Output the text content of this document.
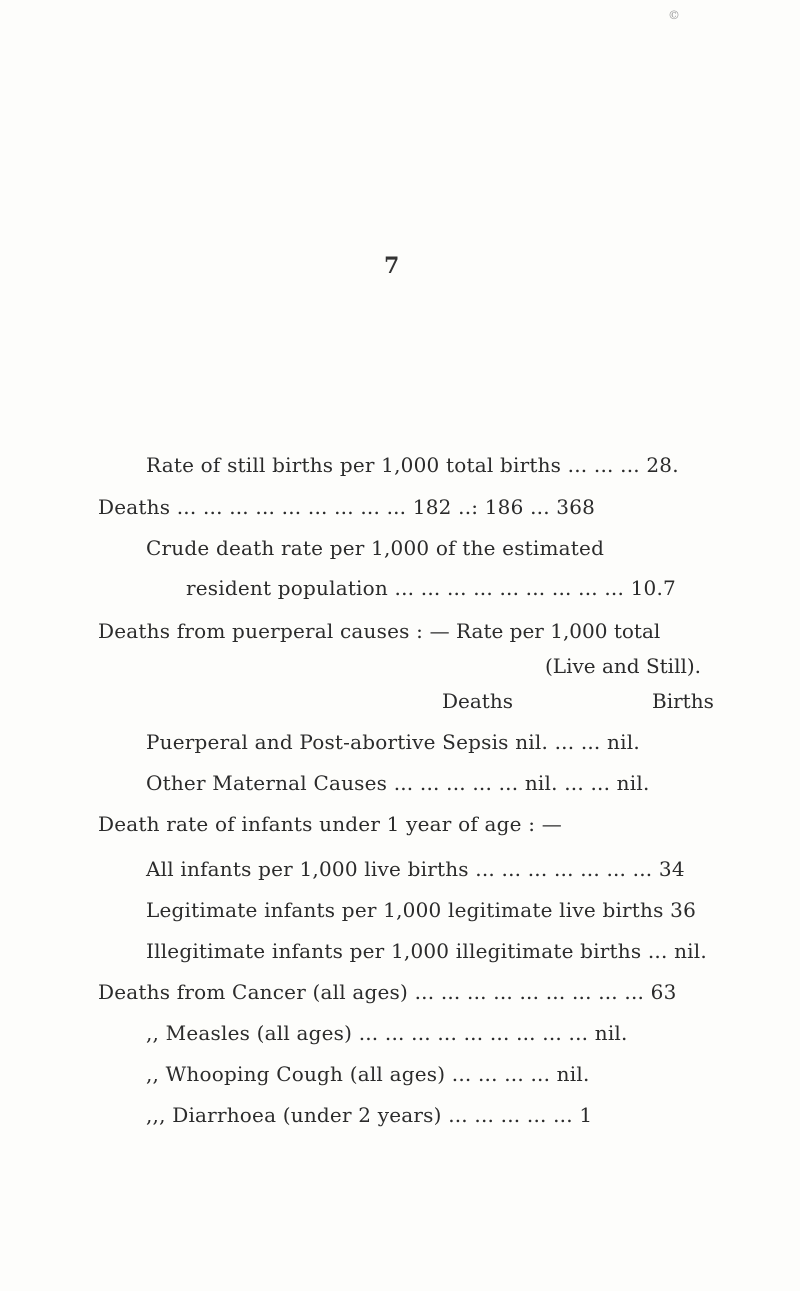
©
7
Rate of still births per 1,000 total births ... ... ... 28.
Deaths ... ... ... ... ... ... ... ... ... 182 ..: 186 ... 368
Crude death rate per 1,000 of the estimated
resident population ... ... ... ... ... ... ... ... ... 10.7
Deaths from puerperal causes : — Rate per 1,000 total
(Live and Still).
Deaths	Births
Puerperal and Post-abortive Sepsis nil. ... ... nil.
Other Maternal Causes ... ... ... ... ... nil. ... ... nil.
Death rate of infants under 1 year of age : —
All infants per 1,000 live births ... ... ... ... ... ... ... 34
Legitimate infants per 1,000 legitimate live births 36
Illegitimate infants per 1,000 illegitimate births ... nil.
Deaths from Cancer (all ages) ... ... ... ... ... ... ... ... ... 63
,, Measles (all ages) ... ... ... ... ... ... ... ... ... nil.
,, Whooping Cough (all ages) ... ... ... ... nil.
,,, Diarrhoea (under 2 years) ... ... ... ... ... 1
